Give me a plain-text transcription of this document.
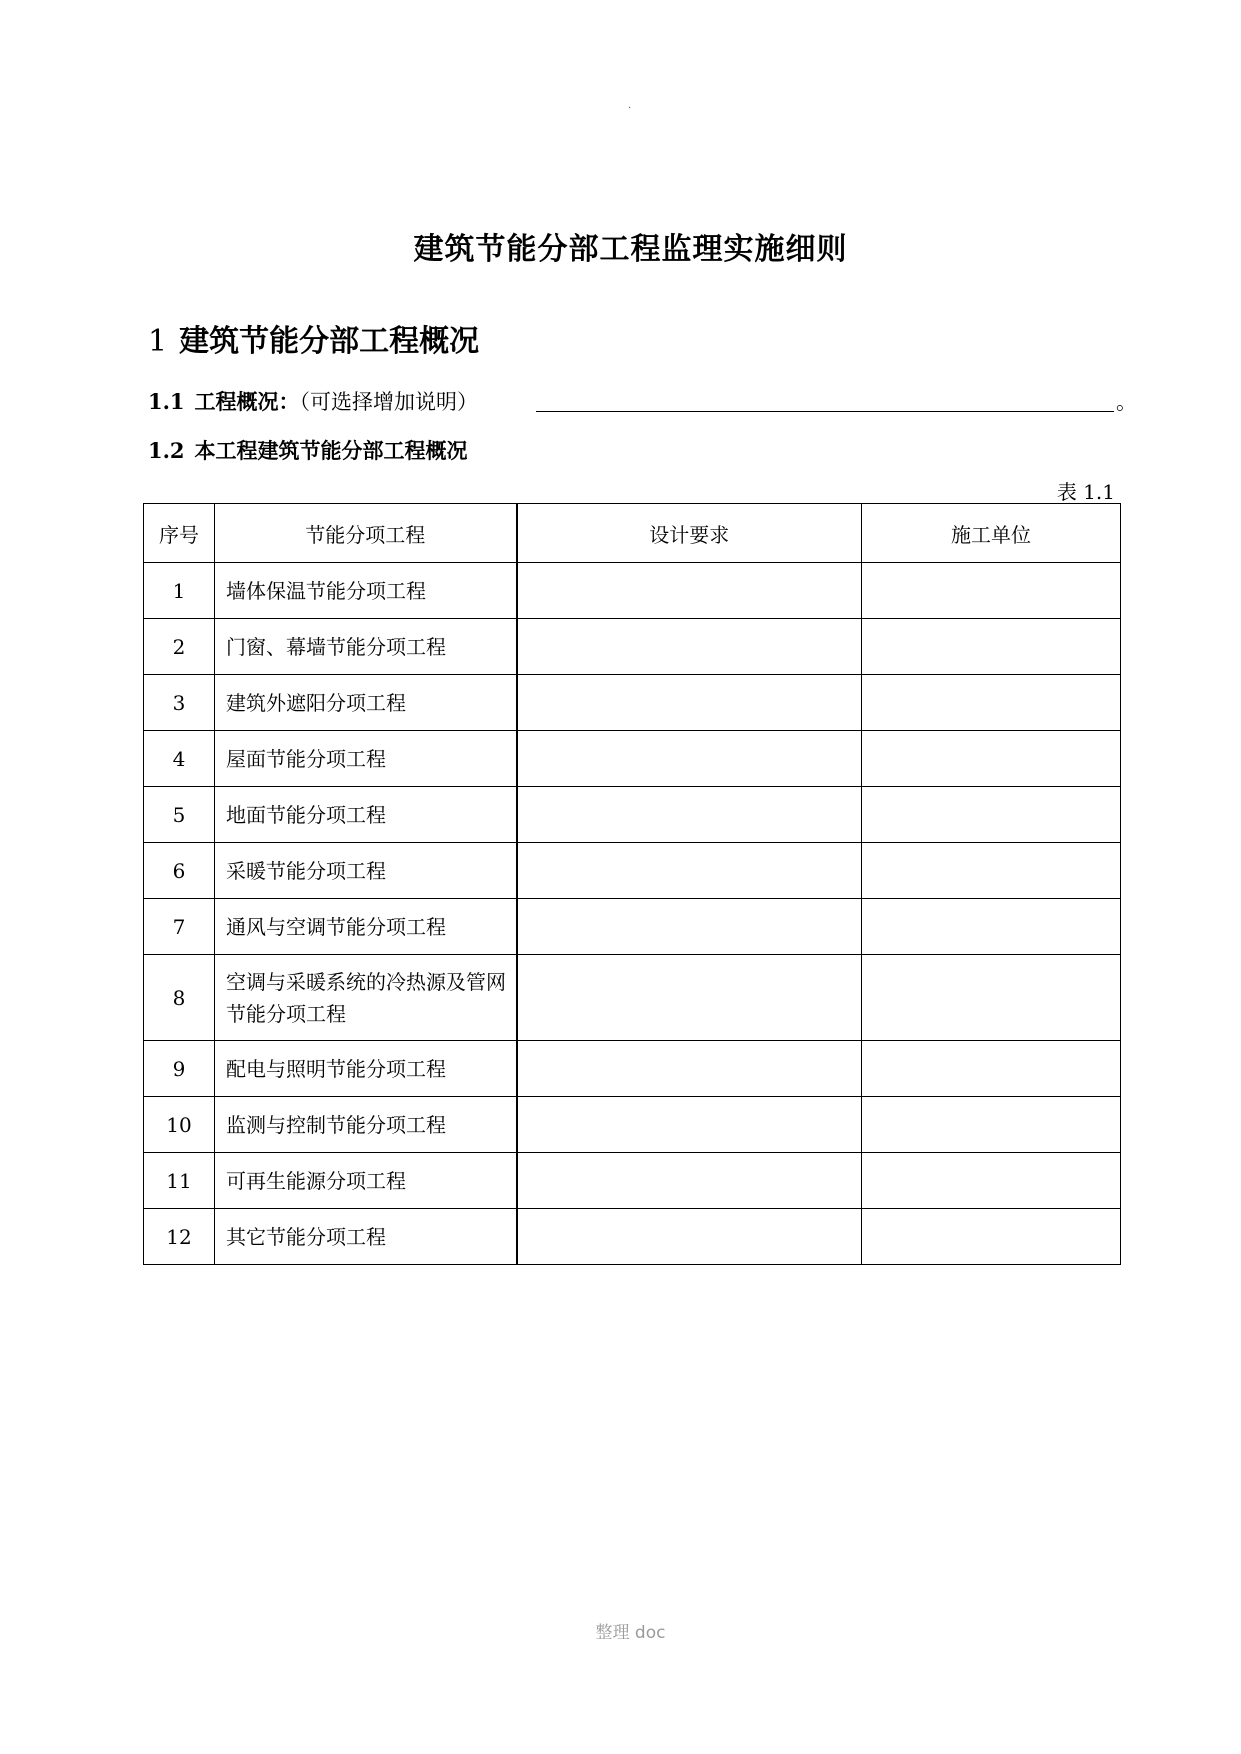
.
建筑节能分部工程监理实施细则
1 建筑节能分部工程概况
1.1 工程概况：（可选择增加说明）	。
1.2 本工程建筑节能分部工程概况
表 1.1
序号	节能分项工程	设计要求	施工单位
1	墙体保温节能分项工程		
2	门窗、幕墙节能分项工程		
3	建筑外遮阳分项工程		
4	屋面节能分项工程		
5	地面节能分项工程		
6	采暖节能分项工程		
7	通风与空调节能分项工程		
8	空调与采暖系统的冷热源及管网节能分项工程		
9	配电与照明节能分项工程		
10	监测与控制节能分项工程		
11	可再生能源分项工程		
12	其它节能分项工程		
整理 doc
